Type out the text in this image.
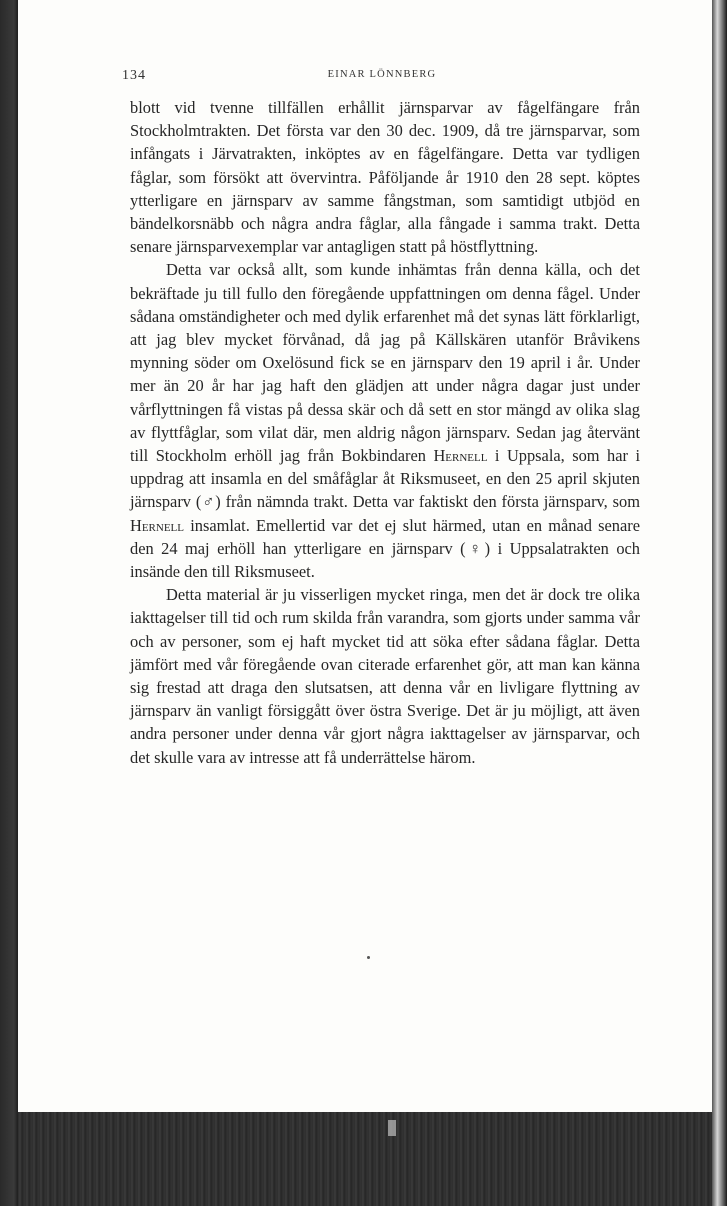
134	EINAR LÖNNBERG

blott vid tvenne tillfällen erhållit järnsparvar av fågelfängare från Stockholmtrakten. Det första var den 30 dec. 1909, då tre järnsparvar, som infångats i Järvatrakten, inköptes av en fågelfängare. Detta var tydligen fåglar, som försökt att övervintra. Påföljande år 1910 den 28 sept. köptes ytterligare en järnsparv av samme fångstman, som samtidigt utbjöd en bändelkorsnäbb och några andra fåglar, alla fångade i samma trakt. Detta senare järnsparvexemplar var antagligen statt på höstflyttning.

Detta var också allt, som kunde inhämtas från denna källa, och det bekräftade ju till fullo den föregående uppfattningen om denna fågel. Under sådana omständigheter och med dylik erfarenhet må det synas lätt förklarligt, att jag blev mycket förvånad, då jag på Källskären utanför Bråvikens mynning söder om Oxelösund fick se en järnsparv den 19 april i år. Under mer än 20 år har jag haft den glädjen att under några dagar just under vårflyttningen få vistas på dessa skär och då sett en stor mängd av olika slag av flyttfåglar, som vilat där, men aldrig någon järnsparv. Sedan jag återvänt till Stockholm erhöll jag från Bokbindaren Hernell i Uppsala, som har i uppdrag att insamla en del småfåglar åt Riksmuseet, en den 25 april skjuten järnsparv (♂) från nämnda trakt. Detta var faktiskt den första järnsparv, som Hernell insamlat. Emellertid var det ej slut härmed, utan en månad senare den 24 maj erhöll han ytterligare en järnsparv (♀) i Uppsalatrakten och insände den till Riksmuseet.

Detta material är ju visserligen mycket ringa, men det är dock tre olika iakttagelser till tid och rum skilda från varandra, som gjorts under samma vår och av personer, som ej haft mycket tid att söka efter sådana fåglar. Detta jämfört med vår föregående ovan citerade erfarenhet gör, att man kan känna sig frestad att draga den slutsatsen, att denna vår en livligare flyttning av järnsparv än vanligt försiggått över östra Sverige. Det är ju möjligt, att även andra personer under denna vår gjort några iakttagelser av järnsparvar, och det skulle vara av intresse att få underrättelse härom.
